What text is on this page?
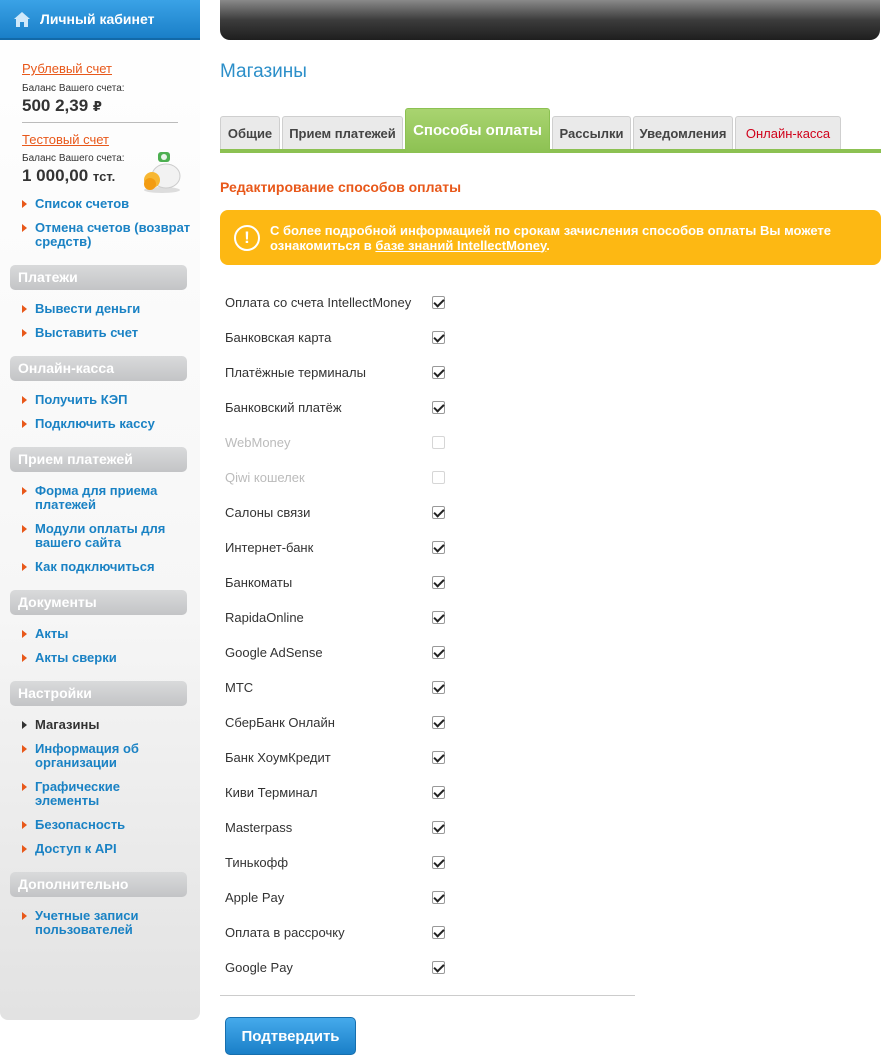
Личный кабинет
Рублевый счет
Баланс Вашего счета:
500 2,39 ₽
Тестовый счет
Баланс Вашего счета:
1 000,00 тст.
Список счетов
Отмена счетов (возврат средств)
Платежи
Вывести деньги
Выставить счет
Онлайн-касса
Получить КЭП
Подключить кассу
Прием платежей
Форма для приема платежей
Модули оплаты для вашего сайта
Как подключиться
Документы
Акты
Акты сверки
Настройки
Магазины
Информация об организации
Графические элементы
Безопасность
Доступ к API
Дополнительно
Учетные записи пользователей
Магазины
Общие	Прием платежей	Способы оплаты	Рассылки	Уведомления	Онлайн-касса
Редактирование способов оплаты
!	С более подробной информацией по срокам зачисления способов оплаты Вы можете ознакомиться в базе знаний IntellectMoney.
Оплата со счета IntellectMoney
Банковская карта
Платёжные терминалы
Банковский платёж
WebMoney
Qiwi кошелек
Салоны связи
Интернет-банк
Банкоматы
RapidaOnline
Google AdSense
МТС
СберБанк Онлайн
Банк ХоумКредит
Киви Терминал
Masterpass
Тинькофф
Apple Pay
Оплата в рассрочку
Google Pay
Подтвердить
